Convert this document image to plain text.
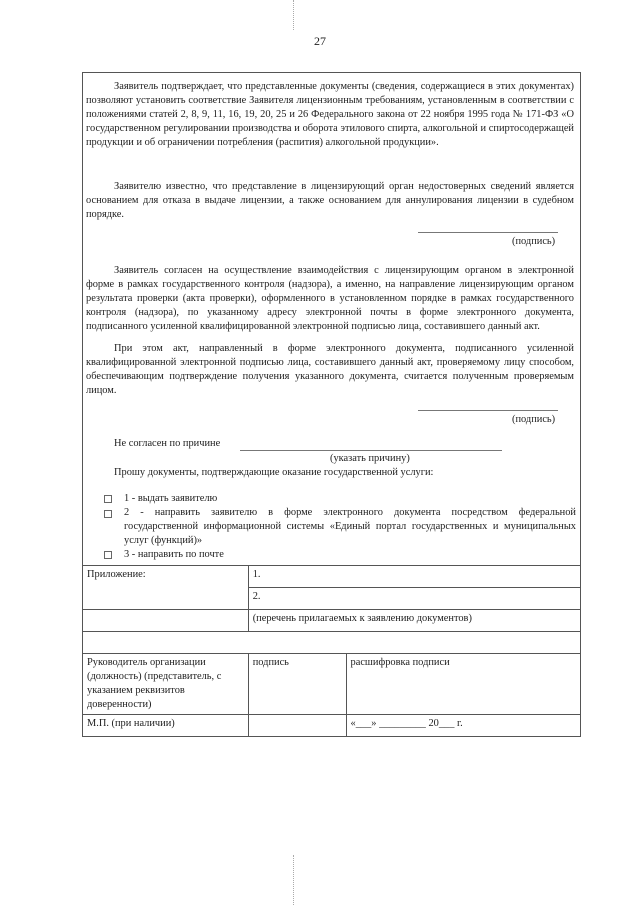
27

Заявитель подтверждает, что представленные документы (сведения, содержащиеся в этих документах) позволяют установить соответствие Заявителя лицензионным требованиям, установленным в соответствии с положениями статей 2, 8, 9, 11, 16, 19, 20, 25 и 26 Федерального закона от 22 ноября 1995 года № 171-ФЗ «О государственном регулировании производства и оборота этилового спирта, алкогольной и спиртосодержащей продукции и об ограничении потребления (распития) алкогольной продукции».

Заявителю известно, что представление в лицензирующий орган недостоверных сведений является основанием для отказа в выдаче лицензии, а также основанием для аннулирования лицензии в судебном порядке.

(подпись)

Заявитель согласен на осуществление взаимодействия с лицензирующим органом в электронной форме в рамках государственного контроля (надзора), а именно, на направление лицензирующим органом результата проверки (акта проверки), оформленного в установленном порядке в рамках государственного контроля (надзора), по указанному адресу электронной почты в форме электронного документа, подписанного усиленной квалифицированной электронной подписью лица, составившего данный акт.

При этом акт, направленный в форме электронного документа, подписанного усиленной квалифицированной электронной подписью лица, составившего данный акт, проверяемому лицу способом, обеспечивающим подтверждение получения указанного документа, считается полученным проверяемым лицом.

(подпись)

Не согласен по причине

(указать причину)

Прошу документы, подтверждающие оказание государственной услуги:

1 - выдать заявителю

2 - направить заявителю в форме электронного документа посредством федеральной государственной информационной системы «Единый портал государственных и муниципальных услуг (функций)»

3 - направить по почте

Приложение:	1.	
	2.	
	(перечень прилагаемых к заявлению документов)	

Руководитель организации (должность) (представитель, с указанием реквизитов доверенности)	подпись	расшифровка подписи
М.П. (при наличии)		«___» _________ 20___ г.
